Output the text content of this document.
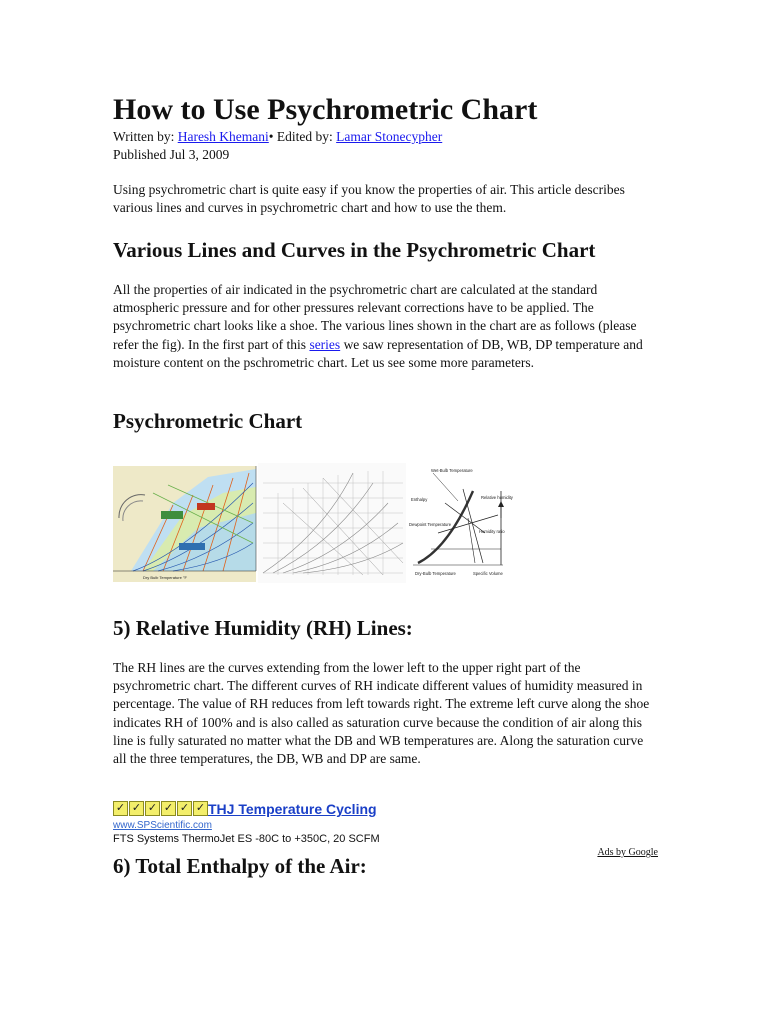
How to Use Psychrometric Chart
Written by: Haresh Khemani• Edited by: Lamar Stonecypher
Published Jul 3, 2009

Using psychrometric chart is quite easy if you know the properties of air. This article describes various lines and curves in psychrometric chart and how to use the them.

Various Lines and Curves in the Psychrometric Chart

All the properties of air indicated in the psychrometric chart are calculated at the standard atmospheric pressure and for other pressures relevant corrections have to be applied. The psychrometric chart looks like a shoe. The various lines shown in the chart are as follows (please refer the fig). In the first part of this series we saw representation of DB, WB, DP temperature and moisture content on the pschrometric chart. Let us see some more parameters.

Psychrometric Chart
Dry Bulb Temperature °F
Wet-Bulb Temperature
Enthalpy	Relative humidity
Dewpoint Temperature
Humidity ratio
Dry-Bulb Temperature	Specific Volume
5) Relative Humidity (RH) Lines:

The RH lines are the curves extending from the lower left to the upper right part of the psychrometric chart. The different curves of RH indicate different values of humidity measured in percentage. The value of RH reduces from left towards right. The extreme left curve along the shoe indicates RH of 100% and is also called as saturation curve because the condition of air along this line is fully saturated no matter what the DB and WB temperatures are. Along the saturation curve all the three temperatures, the DB, WB and DP are same.

✓ ✓ ✓ ✓ ✓ ✓ THJ Temperature Cycling
www.SPScientific.com
FTS Systems ThermoJet ES -80C to +350C, 20 SCFM
Ads by Google
6) Total Enthalpy of the Air:
